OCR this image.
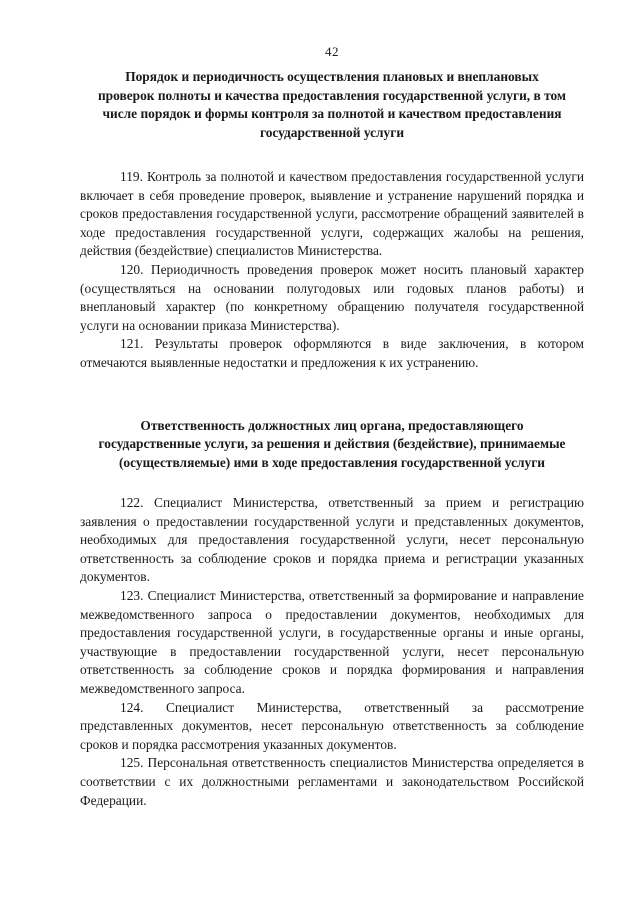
42
Порядок и периодичность осуществления плановых и внеплановых
проверок полноты и качества предоставления государственной услуги, в том
числе порядок и формы контроля за полнотой и качеством предоставления
государственной услуги

119. Контроль за полнотой и качеством предоставления государственной услуги включает в себя проведение проверок, выявление и устранение нарушений порядка и сроков предоставления государственной услуги, рассмотрение обращений заявителей в ходе предоставления государственной услуги, содержащих жалобы на решения, действия (бездействие) специалистов Министерства.

120. Периодичность проведения проверок может носить плановый характер (осуществляться на основании полугодовых или годовых планов работы) и внеплановый характер (по конкретному обращению получателя государственной услуги на основании приказа Министерства).

121. Результаты проверок оформляются в виде заключения, в котором отмечаются выявленные недостатки и предложения к их устранению.

Ответственность должностных лиц органа, предоставляющего
государственные услуги, за решения и действия (бездействие), принимаемые
(осуществляемые) ими в ходе предоставления государственной услуги

122. Специалист Министерства, ответственный за прием и регистрацию заявления о предоставлении государственной услуги и представленных документов, необходимых для предоставления государственной услуги, несет персональную ответственность за соблюдение сроков и порядка приема и регистрации указанных документов.

123. Специалист Министерства, ответственный за формирование и направление межведомственного запроса о предоставлении документов, необходимых для предоставления государственной услуги, в государственные органы и иные органы, участвующие в предоставлении государственной услуги, несет персональную ответственность за соблюдение сроков и порядка формирования и направления межведомственного запроса.

124. Специалист Министерства, ответственный за рассмотрение представленных документов, несет персональную ответственность за соблюдение сроков и порядка рассмотрения указанных документов.

125. Персональная ответственность специалистов Министерства определяется в соответствии с их должностными регламентами и законодательством Российской Федерации.
